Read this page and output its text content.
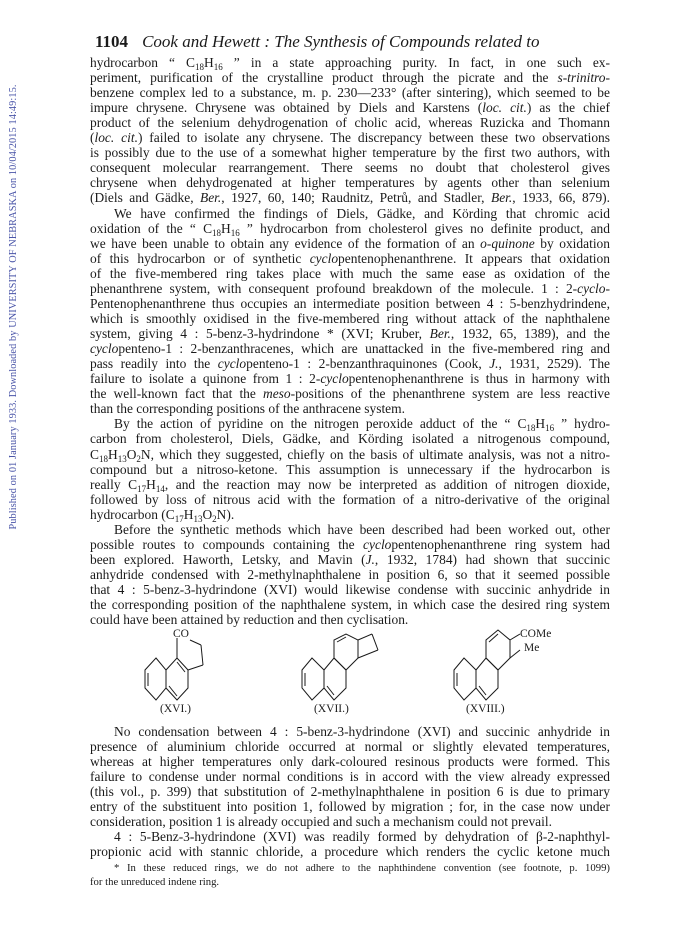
Published on 01 January 1933. Downloaded by UNIVERSITY OF NEBRASKA on 10/04/2015 14:49:15.
1104 Cook and Hewett : The Synthesis of Compounds related to
hydrocarbon “ $C_{18}H_{16}$ ” in a state approaching purity. In fact, in one such ex-
periment, purification of the crystalline product through the picrate and the s-trinitro-
benzene complex led to a substance, m. p. 230—233° (after sintering), which seemed to be
impure chrysene. Chrysene was obtained by Diels and Karstens (loc. cit.) as the chief
product of the selenium dehydrogenation of cholic acid, whereas Ruzicka and Thomann
(loc. cit.) failed to isolate any chrysene. The discrepancy between these two observations
is possibly due to the use of a somewhat higher temperature by the first two authors, with
consequent molecular rearrangement. There seems no doubt that cholesterol gives
chrysene when dehydrogenated at higher temperatures by agents other than selenium
(Diels and Gädke, Ber., 1927, 60, 140; Raudnitz, Petrů, and Stadler, Ber., 1933, 66, 879).
We have confirmed the findings of Diels, Gädke, and Körding that chromic acid
oxidation of the “ $C_{18}H_{16}$ ” hydrocarbon from cholesterol gives no definite product, and
we have been unable to obtain any evidence of the formation of an o-quinone by oxidation
of this hydrocarbon or of synthetic cyclopentenophenanthrene. It appears that oxidation
of the five-membered ring takes place with much the same ease as oxidation of the
phenanthrene system, with consequent profound breakdown of the molecule. 1 : 2-cyclo-
Pentenophenanthrene thus occupies an intermediate position between 4 : 5-benzhydrindene,
which is smoothly oxidised in the five-membered ring without attack of the naphthalene
system, giving 4 : 5-benz-3-hydrindone * (XVI; Kruber, Ber., 1932, 65, 1389), and the
cyclopenteno-1 : 2-benzanthracenes, which are unattacked in the five-membered ring and
pass readily into the cyclopenteno-1 : 2-benzanthraquinones (Cook, J., 1931, 2529). The
failure to isolate a quinone from 1 : 2-cyclopentenophenanthrene is thus in harmony with
the well-known fact that the meso-positions of the phenanthrene system are less reactive
than the corresponding positions of the anthracene system.
By the action of pyridine on the nitrogen peroxide adduct of the “ $C_{18}H_{16}$ ” hydro-
carbon from cholesterol, Diels, Gädke, and Körding isolated a nitrogenous compound,
$C_{18}H_{13}O_2N$, which they suggested, chiefly on the basis of ultimate analysis, was not a nitro-
compound but a nitroso-ketone. This assumption is unnecessary if the hydrocarbon is
really $C_{17}H_{14}$, and the reaction may now be interpreted as addition of nitrogen dioxide,
followed by loss of nitrous acid with the formation of a nitro-derivative of the original
hydrocarbon $(C_{17}H_{13}O_2N)$.
Before the synthetic methods which have been described had been worked out, other
possible routes to compounds containing the cyclopentenophenanthrene ring system had
been explored. Haworth, Letsky, and Mavin (J., 1932, 1784) had shown that succinic
anhydride condensed with 2-methylnaphthalene in position 6, so that it seemed possible
that 4 : 5-benz-3-hydrindone (XVI) would likewise condense with succinic anhydride in
the corresponding position of the naphthalene system, in which case the desired ring system
could have been attained by reduction and then cyclisation.
CO
(XVI.)	(XVII.)
COMe
Me
(XVIII.)
No condensation between 4 : 5-benz-3-hydrindone (XVI) and succinic anhydride in
presence of aluminium chloride occurred at normal or slightly elevated temperatures,
whereas at higher temperatures only dark-coloured resinous products were formed. This
failure to condense under normal conditions is in accord with the view already expressed
(this vol., p. 399) that substitution of 2-methylnaphthalene in position 6 is due to primary
entry of the substituent into position 1, followed by migration ; for, in the case now under
consideration, position 1 is already occupied and such a mechanism could not prevail.
4 : 5-Benz-3-hydrindone (XVI) was readily formed by dehydration of β-2-naphthyl-
propionic acid with stannic chloride, a procedure which renders the cyclic ketone much
* In these reduced rings, we do not adhere to the naphthindene convention (see footnote, p. 1099)
for the unreduced indene ring.
